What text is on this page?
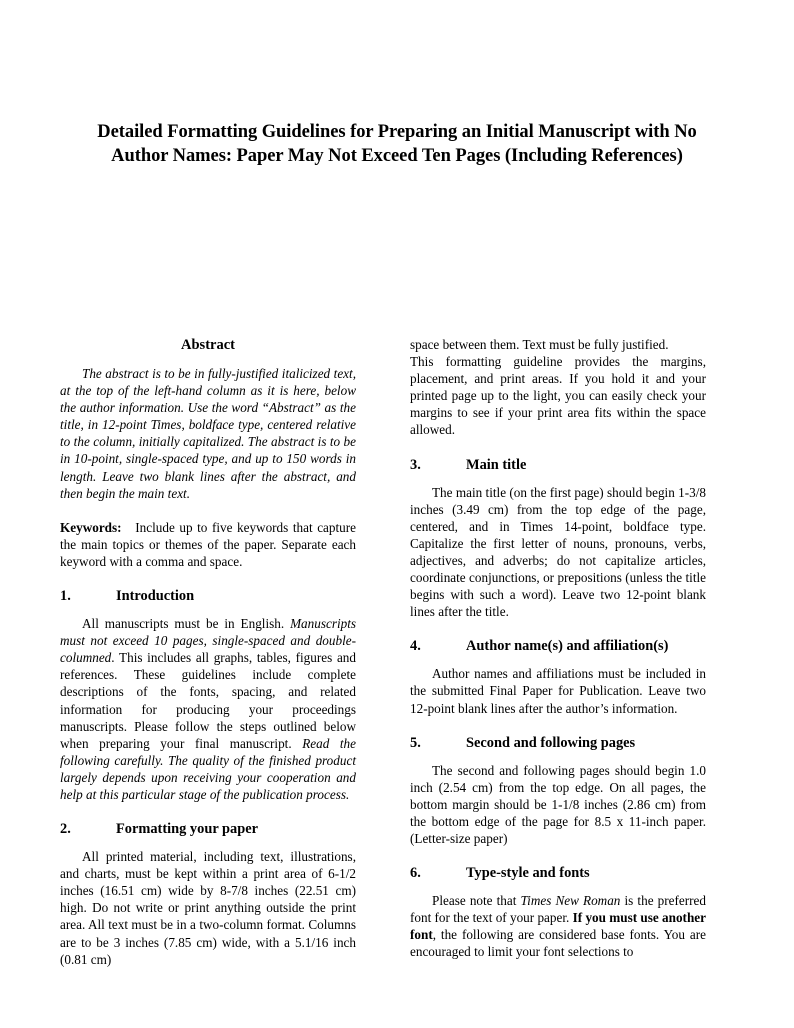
Detailed Formatting Guidelines for Preparing an Initial Manuscript with No
Author Names: Paper May Not Exceed Ten Pages (Including References)
Abstract

The abstract is to be in fully-justified italicized text, at the top of the left-hand column as it is here, below the author information. Use the word “Abstract” as the title, in 12-point Times, boldface type, centered relative to the column, initially capitalized. The abstract is to be in 10-point, single-spaced type, and up to 150 words in length. Leave two blank lines after the abstract, and then begin the main text.

Keywords: Include up to five keywords that capture the main topics or themes of the paper. Separate each keyword with a comma and space.

1.	Introduction

All manuscripts must be in English. Manuscripts must not exceed 10 pages, single-spaced and double-columned. This includes all graphs, tables, figures and references. These guidelines include complete descriptions of the fonts, spacing, and related information for producing your proceedings manuscripts. Please follow the steps outlined below when preparing your final manuscript. Read the following carefully. The quality of the finished product largely depends upon receiving your cooperation and help at this particular stage of the publication process.

2.	Formatting your paper

All printed material, including text, illustrations, and charts, must be kept within a print area of 6-1/2 inches (16.51 cm) wide by 8-7/8 inches (22.51 cm) high. Do not write or print anything outside the print area. All text must be in a two-column format. Columns are to be 3 inches (7.85 cm) wide, with a 5.1/16 inch (0.81 cm)

space between them. Text must be fully justified.

This formatting guideline provides the margins, placement, and print areas. If you hold it and your printed page up to the light, you can easily check your margins to see if your print area fits within the space allowed.

3.	Main title

The main title (on the first page) should begin 1-3/8 inches (3.49 cm) from the top edge of the page, centered, and in Times 14-point, boldface type. Capitalize the first letter of nouns, pronouns, verbs, adjectives, and adverbs; do not capitalize articles, coordinate conjunctions, or prepositions (unless the title begins with such a word). Leave two 12-point blank lines after the title.

4.	Author name(s) and affiliation(s)

Author names and affiliations must be included in the submitted Final Paper for Publication. Leave two 12-point blank lines after the author’s information.

5.	Second and following pages

The second and following pages should begin 1.0 inch (2.54 cm) from the top edge. On all pages, the bottom margin should be 1-1/8 inches (2.86 cm) from the bottom edge of the page for 8.5 x 11-inch paper. (Letter-size paper)

6.	Type-style and fonts

Please note that Times New Roman is the preferred font for the text of your paper. If you must use another font, the following are considered base fonts. You are encouraged to limit your font selections to
